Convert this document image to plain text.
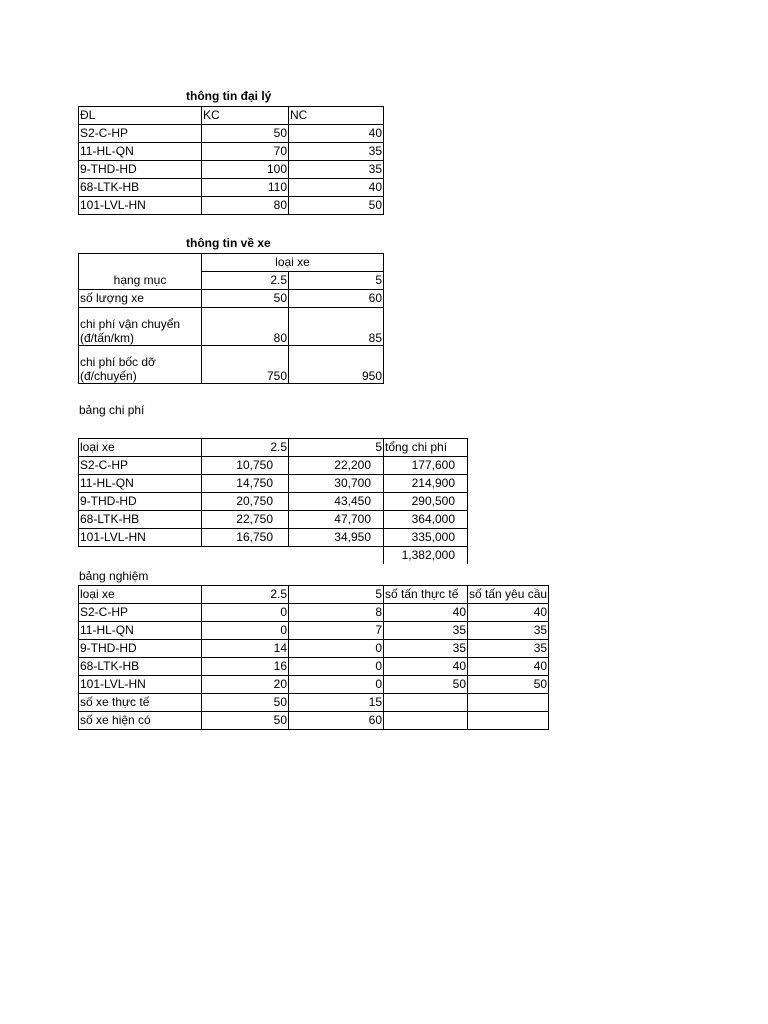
thông tin đại lý
ĐL	KC	NC
S2-C-HP	50	40
11-HL-QN	70	35
9-THD-HD	100	35
68-LTK-HB	110	40
101-LVL-HN	80	50
thông tin về xe
	loại xe	
hạng mục	2.5	5
số lượng xe	50	60
chi phí vận chuyển (đ/tấn/km)	80	85
chi phí bốc dỡ (đ/chuyến)	750	950
bảng chi phí
loại xe	2.5	5	tổng chi phí
S2-C-HP	10,750	22,200	177,600
11-HL-QN	14,750	30,700	214,900
9-THD-HD	20,750	43,450	290,500
68-LTK-HB	22,750	47,700	364,000
101-LVL-HN	16,750	34,950	335,000
			1,382,000
bảng nghiệm
loại xe	2.5	5	số tấn thực tế	số tấn yêu cầu
S2-C-HP	0	8	40	40
11-HL-QN	0	7	35	35
9-THD-HD	14	0	35	35
68-LTK-HB	16	0	40	40
101-LVL-HN	20	0	50	50
số xe thực tế	50	15		
số xe hiện có	50	60		
